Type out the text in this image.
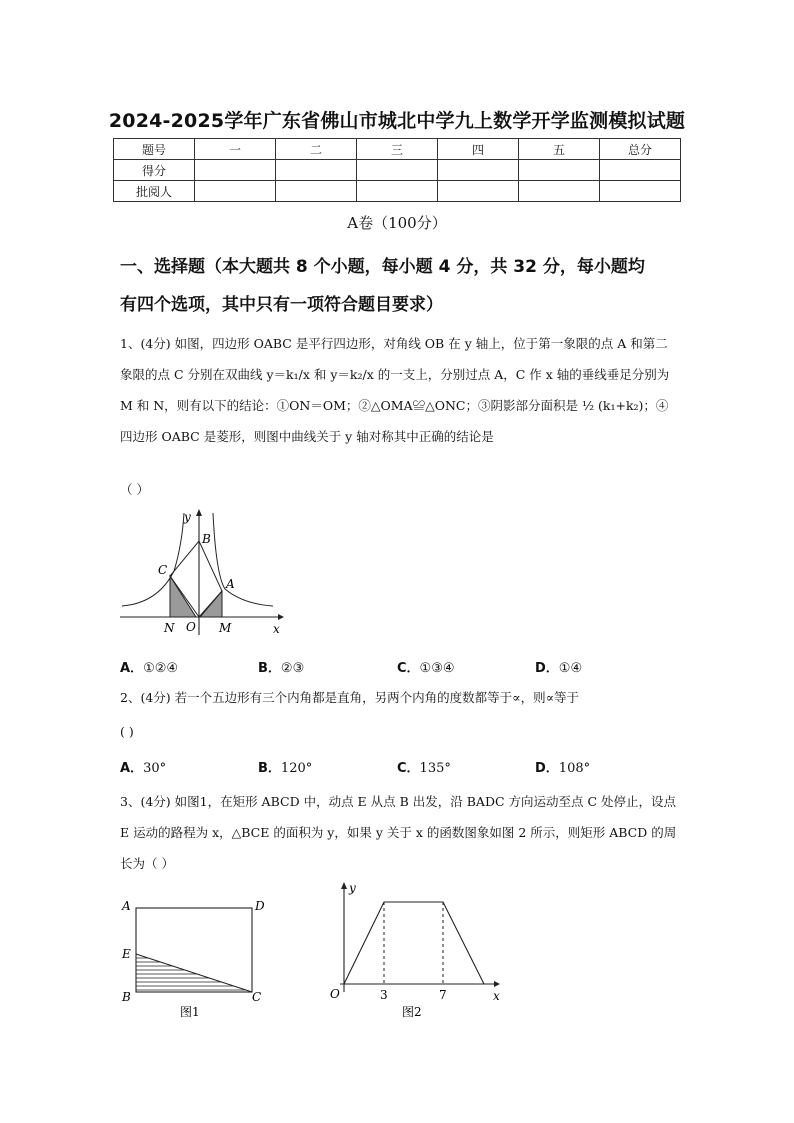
2024-2025学年广东省佛山市城北中学九上数学开学监测模拟试题
题号	一	二	三	四	五	总分
得分						
批阅人						
A卷（100分）
一、选择题（本大题共 8 个小题，每小题 4 分，共 32 分，每小题均
有四个选项，其中只有一项符合题目要求）
1、(4分) 如图，四边形 OABC 是平行四边形，对角线 OB 在 y 轴上，位于第一象限的点 A 和第二象限的点 C 分别在双曲线 y＝k₁/x 和 y＝k₂/x 的一支上，分别过点 A，C 作 x 轴的垂线垂足分别为 M 和 N，则有以下的结论：①ON＝OM；②△OMA≌△ONC；③阴影部分面积是 ½ (k₁+k₂)；④四边形 OABC 是菱形，则图中曲线关于 y 轴对称其中正确的结论是
（ ）
y
B
C
A
N O M	x
A．①②④	B．②③	C．①③④	D．①④
2、(4分) 若一个五边形有三个内角都是直角，另两个内角的度数都等于∝，则∝等于
( )
A．30°	B．120°	C．135°	D．108°
3、(4分) 如图1，在矩形 ABCD 中，动点 E 从点 B 出发，沿 BADC 方向运动至点 C 处停止，设点 E 运动的路程为 x，△BCE 的面积为 y，如果 y 关于 x 的函数图象如图 2 所示，则矩形 ABCD 的周长为（ ）
A	D
E
B	C
图1
y
O	3	7	x
图2
